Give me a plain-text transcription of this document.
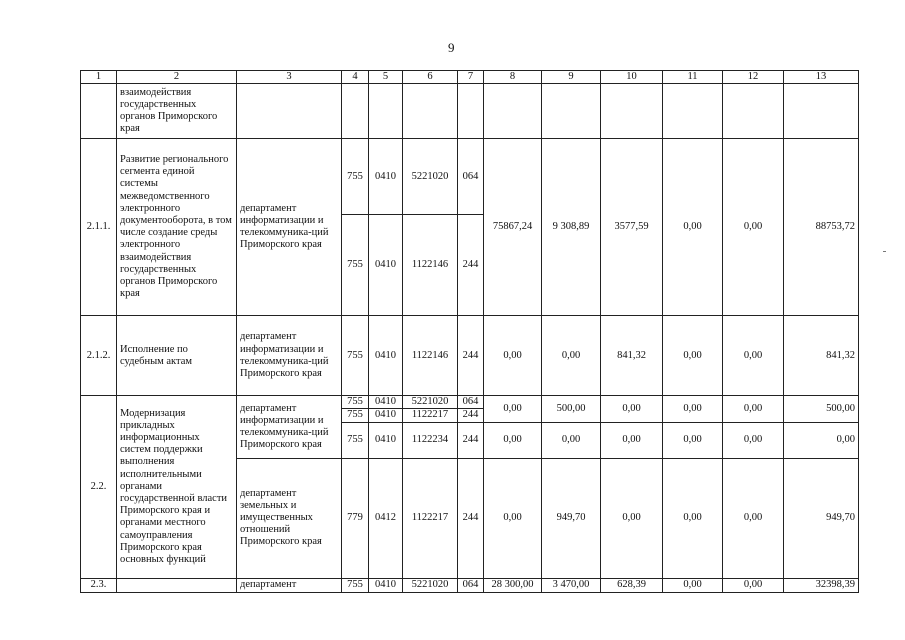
9
1	2	3	4	5	6	7	8	9	10	11	12	13
	взаимодействия государственных органов Приморского края											
2.1.1.	Развитие регионального сегмента единой системы межведомственного электронного документооборота, в том числе создание среды электронного взаимодействия государственных органов Приморского края	департамент информатизации и телекоммуника-ций Приморского края	755	0410	5221020	064	75867,24	9 308,89	3577,59	0,00	0,00	88753,72
			755	0410	1122146	244						
2.1.2.	Исполнение по судебным актам	департамент информатизации и телекоммуника-ций Приморского края	755	0410	1122146	244	0,00	0,00	841,32	0,00	0,00	841,32
2.2.	Модернизация прикладных информационных систем поддержки выполнения исполнительными органами государственной власти Приморского края и органами местного самоуправления Приморского края основных функций	департамент информатизации и телекоммуника-ций Приморского края	755	0410	5221020	064	0,00	500,00	0,00	0,00	0,00	500,00
			755	0410	1122217	244						
			755	0410	1122234	244	0,00	0,00	0,00	0,00	0,00	0,00
		департамент земельных и имущественных отношений Приморского края	779	0412	1122217	244	0,00	949,70	0,00	0,00	0,00	949,70
2.3.		департамент	755	0410	5221020	064	28 300,00	3 470,00	628,39	0,00	0,00	32398,39
